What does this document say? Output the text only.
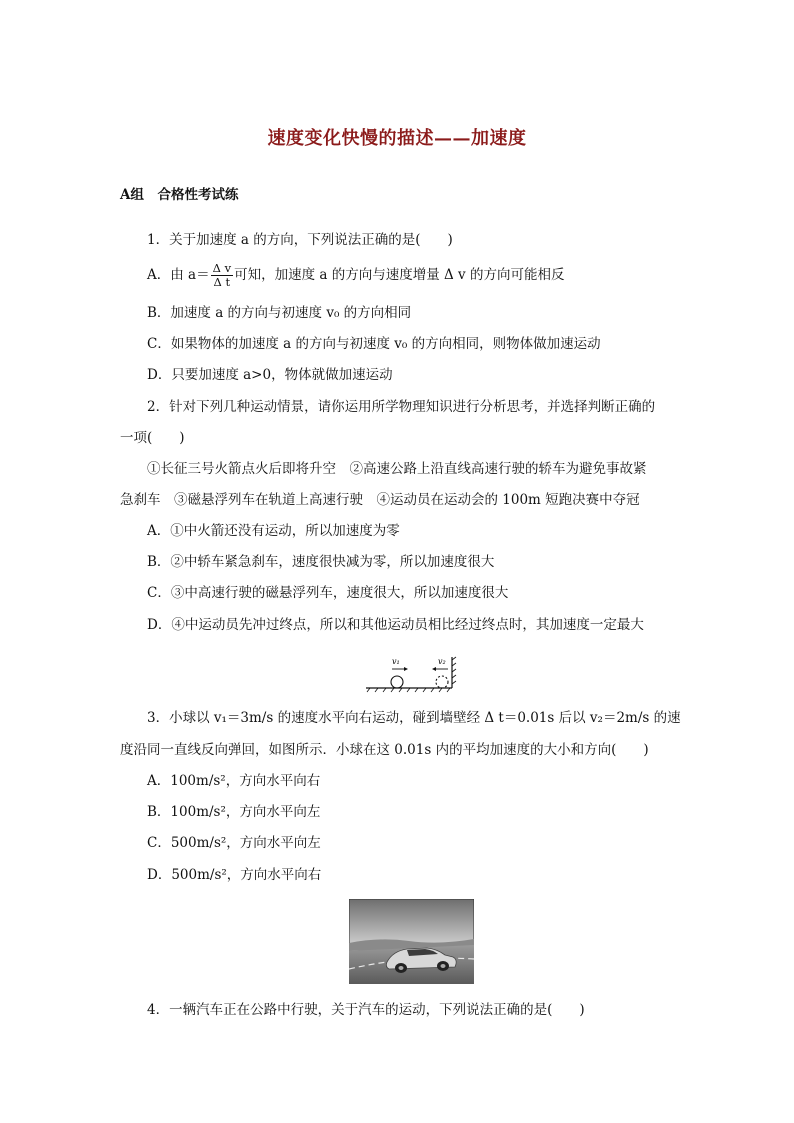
速度变化快慢的描述——加速度
A组　合格性考试练
1．关于加速度 a 的方向，下列说法正确的是(　　)
A．由 $a= \frac{\text{Δ v}}{\text{Δ t}}$ 可知，加速度 a 的方向与速度增量 Δ v 的方向可能相反
B．加速度 a 的方向与初速度 v₀ 的方向相同
C．如果物体的加速度 a 的方向与初速度 v₀ 的方向相同，则物体做加速运动
D．只要加速度 a>0，物体就做加速运动
2．针对下列几种运动情景，请你运用所学物理知识进行分析思考，并选择判断正确的
一项(　　)
①长征三号火箭点火后即将升空　②高速公路上沿直线高速行驶的轿车为避免事故紧
急刹车　③磁悬浮列车在轨道上高速行驶　④运动员在运动会的 100m 短跑决赛中夺冠
A．①中火箭还没有运动，所以加速度为零
B．②中轿车紧急刹车，速度很快减为零，所以加速度很大
C．③中高速行驶的磁悬浮列车，速度很大，所以加速度很大
D．④中运动员先冲过终点，所以和其他运动员相比经过终点时，其加速度一定最大
v₁	v₂
3．小球以 v₁＝3m/s 的速度水平向右运动，碰到墙壁经 Δ t＝0.01s 后以 v₂＝2m/s 的速
度沿同一直线反向弹回，如图所示．小球在这 0.01s 内的平均加速度的大小和方向(　　)
A．100m/s²，方向水平向右
B．100m/s²，方向水平向左
C．500m/s²，方向水平向左
D．500m/s²，方向水平向右
4．一辆汽车正在公路中行驶，关于汽车的运动，下列说法正确的是(　　)
